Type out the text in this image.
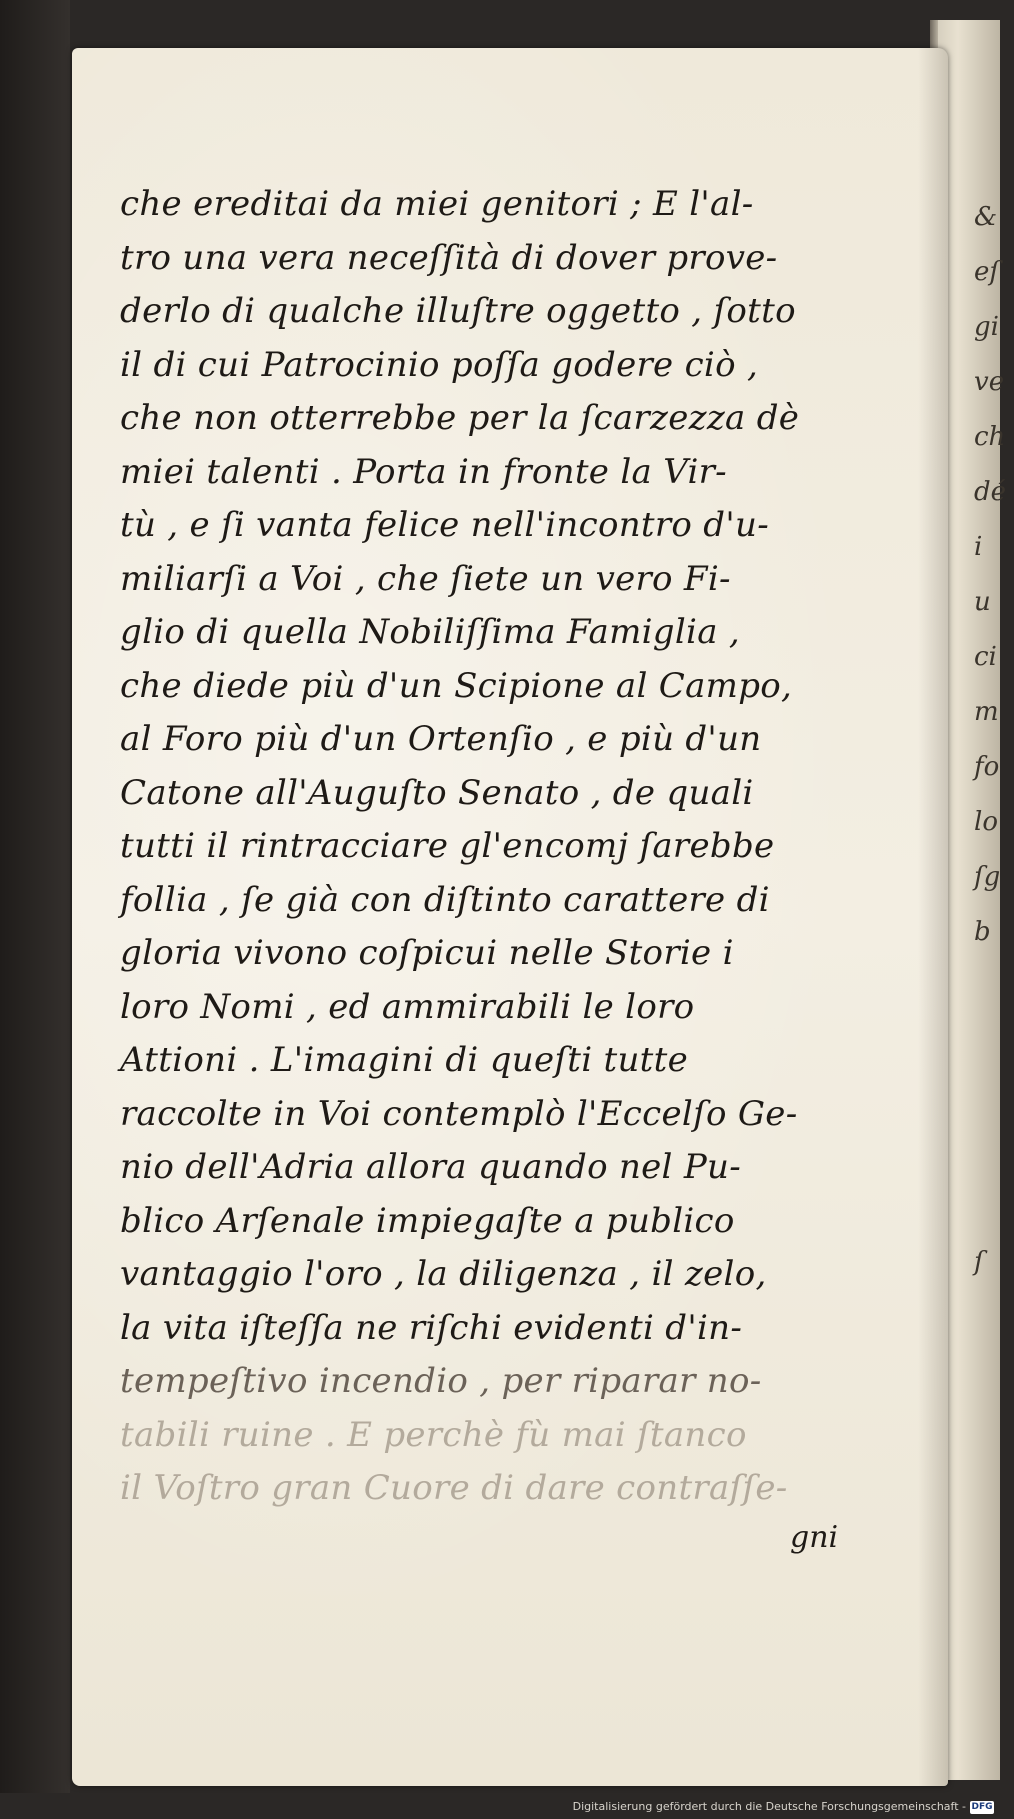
&
eſ
gi
ve
ch
dé
i
u
ci
m
fo
lo
ſg
b
ſ
che ereditai da miei genitori ; E l'al-
tro una vera neceſſità di dover prove-
derlo di qualche illuſtre oggetto , ſotto
il di cui Patrocinio poſſa godere ciò ,
che non otterrebbe per la ſcarzezza dè
miei talenti . Porta in fronte la Vir-
tù , e ſi vanta felice nell'incontro d'u-
miliarſi a Voi , che ſiete un vero Fi-
glio di quella Nobiliſſima Famiglia ,
che diede più d'un Scipione al Campo,
al Foro più d'un Ortenſio , e più d'un
Catone all'Auguſto Senato , de quali
tutti il rintracciare gl'encomj ſarebbe
follia , ſe già con diſtinto carattere di
gloria vivono coſpicui nelle Storie i
loro Nomi , ed ammirabili le loro
Attioni . L'imagini di queſti tutte
raccolte in Voi contemplò l'Eccelſo Ge-
nio dell'Adria allora quando nel Pu-
blico Arſenale impiegaſte a publico
vantaggio l'oro , la diligenza , il zelo,
la vita iſteſſa ne riſchi evidenti d'in-
tempeſtivo incendio , per riparar no-
tabili ruine . E perchè fù mai ſtanco
il Voſtro gran Cuore di dare contraſſe-
gni
Digitalisierung gefördert durch die Deutsche Forschungsgemeinschaft - DFG
